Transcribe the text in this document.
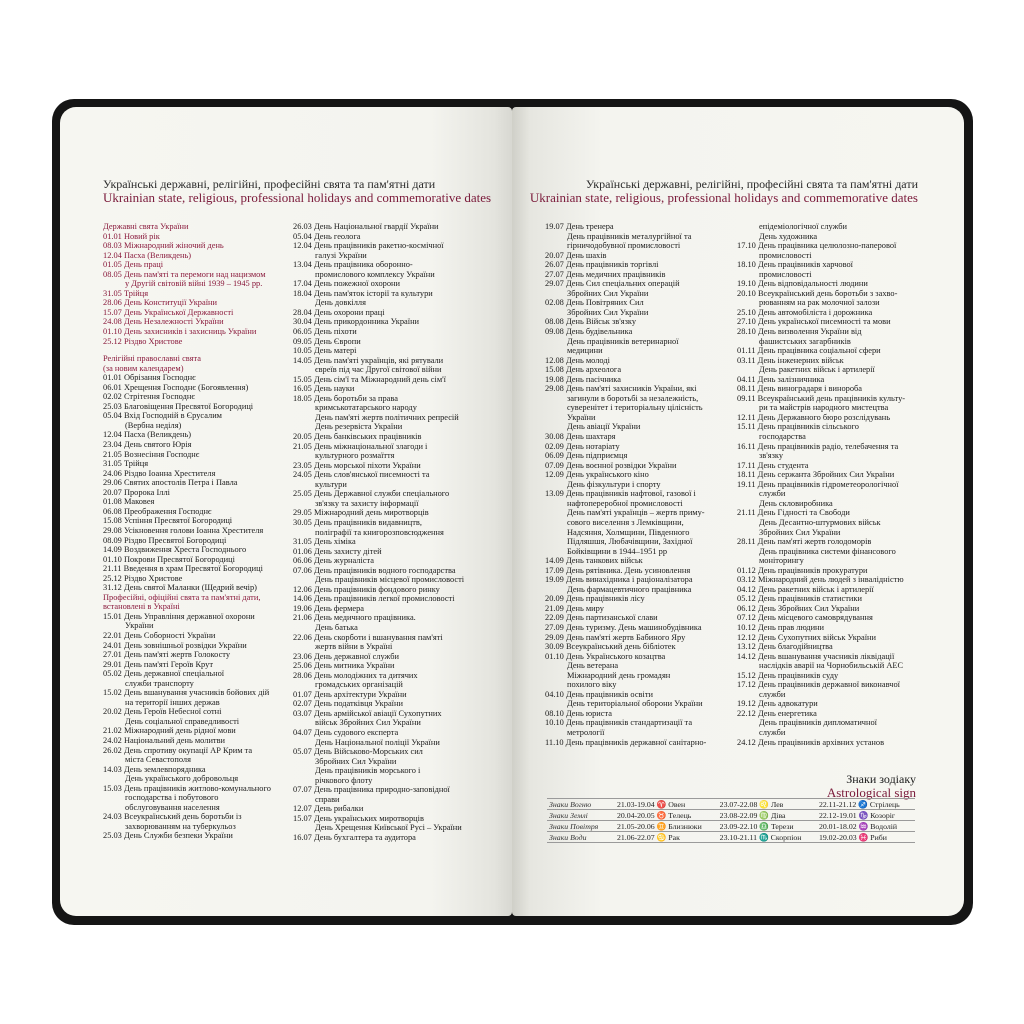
Українські державні, релігійні, професійні свята та пам'ятні дати
Ukrainian state, religious, professional holidays and commemorative dates
Українські державні, релігійні, професійні свята та пам'ятні дати
Ukrainian state, religious, professional holidays and commemorative dates
Державні свята України
01.01 Новий рік
08.03 Міжнародний жіночий день
12.04 Пасха (Великдень)
01.05 День праці
08.05 День пам'яті та перемоги над нацизмом
у Другій світовій війні 1939 – 1945 рр.
31.05 Трійця
28.06 День Конституції України
15.07 День Української Державності
24.08 День Незалежності України
01.10 День захисників і захисниць України
25.12 Різдво Христове
Релігійні православні свята
(за новим календарем)
01.01 Обрізання Господнє
06.01 Хрещення Господнє (Богоявлення)
02.02 Стрітення Господнє
25.03 Благовіщення Пресвятої Богородиці
05.04 Вхід Господній в Єрусалим
(Вербна неділя)
12.04 Пасха (Великдень)
23.04 День святого Юрія
21.05 Вознесіння Господнє
31.05 Трійця
24.06 Різдво Іоанна Хрестителя
29.06 Святих апостолів Петра і Павла
20.07 Пророка Іллі
01.08 Маковея
06.08 Преображення Господнє
15.08 Успіння Пресвятої Богородиці
29.08 Усікновення голови Іоанна Хрестителя
08.09 Різдво Пресвятої Богородиці
14.09 Воздвиження Хреста Господнього
01.10 Покрови Пресвятої Богородиці
21.11 Введення в храм Пресвятої Богородиці
25.12 Різдво Христове
31.12 День святої Маланки (Щедрий вечір)
Професійні, офіційні свята та пам'ятні дати,
встановлені в Україні
15.01 День Управління державної охорони
України
22.01 День Соборності України
24.01 День зовнішньої розвідки України
27.01 День пам'яті жертв Голокосту
29.01 День пам'яті Героїв Крут
05.02 День державної спеціальної
служби транспорту
15.02 День вшанування учасників бойових дій
на території інших держав
20.02 День Героїв Небесної сотні
День соціальної справедливості
21.02 Міжнародний день рідної мови
24.02 Національний день молитви
26.02 День спротиву окупації АР Крим та
міста Севастополя
14.03 День землевпорядника
День українського добровольця
15.03 День працівників житлово-комунального
господарства і побутового
обслуговування населення
24.03 Всеукраїнський день боротьби із
захворюванням на туберкульоз
25.03 День Служби безпеки України
26.03 День Національної гвардії України
05.04 День геолога
12.04 День працівників ракетно-космічної
галузі України
13.04 День працівника оборонно-
промислового комплексу України
17.04 День пожежної охорони
18.04 День пам'яток історії та культури
День довкілля
28.04 День охорони праці
30.04 День прикордонника України
06.05 День піхоти
09.05 День Європи
10.05 День матері
14.05 День пам'яті українців, які рятували
євреїв під час Другої світової війни
15.05 День сім'ї та Міжнародний день сім'ї
16.05 День науки
18.05 День боротьби за права
кримськотатарського народу
День пам'яті жертв політичних репресій
День резервіста України
20.05 День банківських працівників
21.05 День міжнаціональної злагоди і
культурного розмаїття
23.05 День морської піхоти України
24.05 День слов'янської писемності та
культури
25.05 День Державної служби спеціального
зв'язку та захисту інформації
29.05 Міжнародний день миротворців
30.05 День працівників видавництв,
поліграфії та книгорозповсюдження
31.05 День хіміка
01.06 День захисту дітей
06.06 День журналіста
07.06 День працівників водного господарства
День працівників місцевої промисловості
12.06 День працівників фондового ринку
14.06 День працівників легкої промисловості
19.06 День фермера
21.06 День медичного працівника.
День батька
22.06 День скорботи і вшанування пам'яті
жертв війни в Україні
23.06 День державної служби
25.06 День митника України
28.06 День молодіжних та дитячих
громадських організацій
01.07 День архітектури України
02.07 День податківця України
03.07 День армійської авіації Сухопутних
військ Збройних Сил України
04.07 День судового експерта
День Національної поліції України
05.07 День Військово-Морських сил
Збройних Сил України
День працівників морського і
річкового флоту
07.07 День працівника природно-заповідної
справи
12.07 День рибалки
15.07 День українських миротворців
День Хрещення Київської Русі – України
16.07 День бухгалтера та аудитора
19.07 День тренера
День працівників металургійної та
гірничодобувної промисловості
20.07 День шахів
26.07 День працівників торгівлі
27.07 День медичних працівників
29.07 День Сил спеціальних операцій
Збройних Сил України
02.08 День Повітряних Сил
Збройних Сил України
08.08 День Військ зв'язку
09.08 День будівельника
День працівників ветеринарної
медицини
12.08 День молоді
15.08 День археолога
19.08 День пасічника
29.08 День пам'яті захисників України, які
загинули в боротьбі за незалежність,
суверенітет і територіальну цілісність
України
День авіації України
30.08 День шахтаря
02.09 День нотаріату
06.09 День підприємця
07.09 День воєнної розвідки України
12.09 День українського кіно
День фізкультури і спорту
13.09 День працівників нафтової, газової і
нафтопереробної промисловості
День пам'яті українців – жертв приму-
сового виселення з Лемківщини,
Надсяння, Холмщини, Південного
Підляшшя, Любачівщини, Західної
Бойківщини в 1944–1951 рр
14.09 День танкових військ
17.09 День рятівника. День усиновлення
19.09 День винахідника і раціоналізатора
День фармацевтичного працівника
20.09 День працівників лісу
21.09 День миру
22.09 День партизанської слави
27.09 День туризму. День машинобудівника
29.09 День пам'яті жертв Бабиного Яру
30.09 Всеукраїнський день бібліотек
01.10 День Українського козацтва
День ветерана
Міжнародний день громадян
похилого віку
04.10 День працівників освіти
День територіальної оборони України
08.10 День юриста
10.10 День працівників стандартизації та
метрології
11.10 День працівників державної санітарно-
епідеміологічної служби
День художника
17.10 День працівника целюлозно-паперової
промисловості
18.10 День працівників харчової
промисловості
19.10 День відповідальності людини
20.10 Всеукраїнський день боротьби з захво-
рюванням на рак молочної залози
25.10 День автомобіліста і дорожника
27.10 День української писемності та мови
28.10 День визволення України від
фашистських загарбників
01.11 День працівника соціальної сфери
03.11 День інженерних військ
День ракетних військ і артилерії
04.11 День залізничника
08.11 День виноградаря і винороба
09.11 Всеукраїнський день працівників культу-
ри та майстрів народного мистецтва
12.11 День Державного бюро розслідувань
15.11 День працівників сільського
господарства
16.11 День працівників радіо, телебачення та
зв'язку
17.11 День студента
18.11 День сержанта Збройних Сил України
19.11 День працівників гідрометеорологічної
служби
День скловиробника
21.11 День Гідності та Свободи
День Десантно-штурмових військ
Збройних Сил України
28.11 День пам'яті жертв голодоморів
День працівника системи фінансового
моніторингу
01.12 День працівників прокуратури
03.12 Міжнародний день людей з інвалідністю
04.12 День ракетних військ і артилерії
05.12 День працівників статистики
06.12 День Збройних Сил України
07.12 День місцевого самоврядування
10.12 День прав людини
12.12 День Сухопутних військ України
13.12 День благодійництва
14.12 День вшанування учасників ліквідації
наслідків аварії на Чорнобильській АЕС
15.12 День працівників суду
17.12 День працівників державної виконавчої
служби
19.12 День адвокатури
22.12 День енергетика
День працівників дипломатичної
служби
24.12 День працівників архівних установ
Знаки зодіаку
Astrological sign
Знаки Вогню	21.03-19.04 ♈ Овен	23.07-22.08 ♌ Лев	22.11-21.12 ♐ Стрілець
Знаки Землі	20.04-20.05 ♉ Телець	23.08-22.09 ♍ Діва	22.12-19.01 ♑ Козоріг
Знаки Повітря	21.05-20.06 ♊ Близнюки	23.09-22.10 ♎ Терези	20.01-18.02 ♒ Водолій
Знаки Води	21.06-22.07 ♋ Рак	23.10-21.11 ♏ Скорпіон	19.02-20.03 ♓ Риби
